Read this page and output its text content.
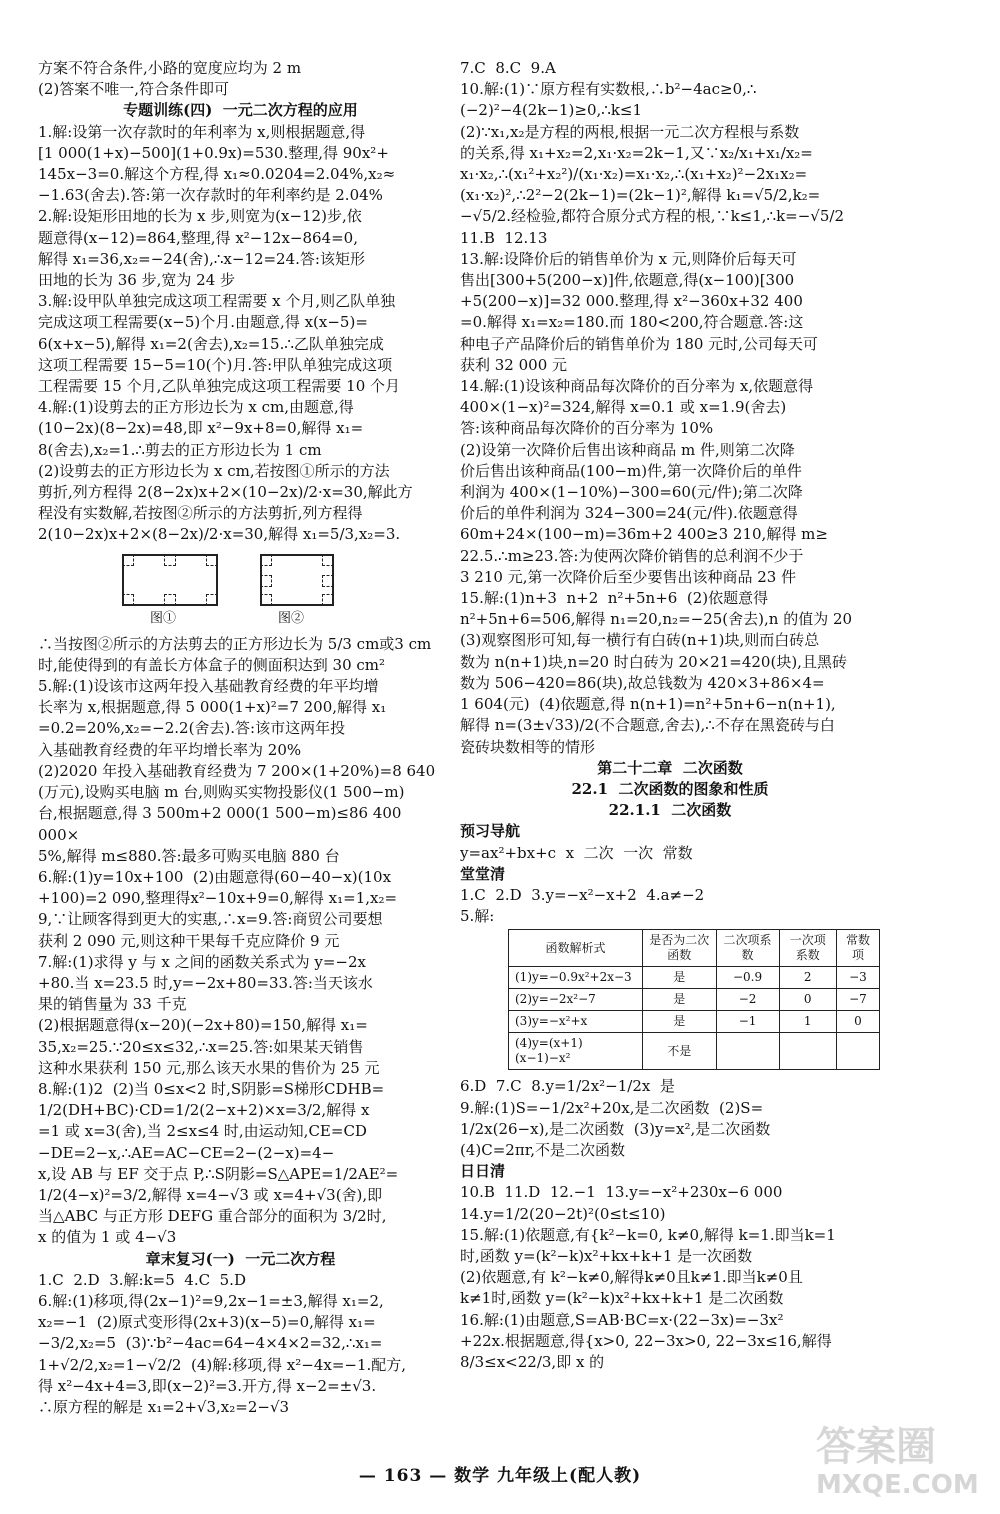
方案不符合条件,小路的宽度应均为 2 m
(2)答案不唯一,符合条件即可
专题训练(四)  一元二次方程的应用
1.解:设第一次存款时的年利率为 x,则根据题意,得
[1 000(1+x)−500](1+0.9x)=530.整理,得 90x²+
145x−3=0.解这个方程,得 x₁≈0.0204=2.04%,x₂≈
−1.63(舍去).答:第一次存款时的年利率约是 2.04%
2.解:设矩形田地的长为 x 步,则宽为(x−12)步,依
题意得(x−12)=864,整理,得 x²−12x−864=0,
解得 x₁=36,x₂=−24(舍),∴x−12=24.答:该矩形
田地的长为 36 步,宽为 24 步
3.解:设甲队单独完成这项工程需要 x 个月,则乙队单独
完成这项工程需要(x−5)个月.由题意,得 x(x−5)=
6(x+x−5),解得 x₁=2(舍去),x₂=15.∴乙队单独完成
这项工程需要 15−5=10(个)月.答:甲队单独完成这项
工程需要 15 个月,乙队单独完成这项工程需要 10 个月
4.解:(1)设剪去的正方形边长为 x cm,由题意,得
(10−2x)(8−2x)=48,即 x²−9x+8=0,解得 x₁=
8(舍去),x₂=1.∴剪去的正方形边长为 1 cm
(2)设剪去的正方形边长为 x cm,若按图①所示的方法
剪折,列方程得 2(8−2x)x+2×(10−2x)/2·x=30,解此方
程没有实数解,若按图②所示的方法剪折,列方程得
2(10−2x)x+2×(8−2x)/2·x=30,解得 x₁=5/3,x₂=3.
图①	图②
∴当按图②所示的方法剪去的正方形边长为 5/3 cm或3 cm
时,能使得到的有盖长方体盒子的侧面积达到 30 cm²
5.解:(1)设该市这两年投入基础教育经费的年平均增
长率为 x,根据题意,得 5 000(1+x)²=7 200,解得 x₁
=0.2=20%,x₂=−2.2(舍去).答:该市这两年投
入基础教育经费的年平均增长率为 20%
(2)2020 年投入基础教育经费为 7 200×(1+20%)=8 640
(万元),设购买电脑 m 台,则购买实物投影仪(1 500−m)
台,根据题意,得 3 500m+2 000(1 500−m)≤86 400 000×
5%,解得 m≤880.答:最多可购买电脑 880 台
6.解:(1)y=10x+100  (2)由题意得(60−40−x)(10x
+100)=2 090,整理得x²−10x+9=0,解得 x₁=1,x₂=
9,∵让顾客得到更大的实惠,∴x=9.答:商贸公司要想
获利 2 090 元,则这种干果每千克应降价 9 元
7.解:(1)求得 y 与 x 之间的函数关系式为 y=−2x
+80.当 x=23.5 时,y=−2x+80=33.答:当天该水
果的销售量为 33 千克
(2)根据题意得(x−20)(−2x+80)=150,解得 x₁=
35,x₂=25.∵20≤x≤32,∴x=25.答:如果某天销售
这种水果获利 150 元,那么该天水果的售价为 25 元
8.解:(1)2  (2)当 0≤x<2 时,S阴影=S梯形CDHB=
1/2(DH+BC)·CD=1/2(2−x+2)×x=3/2,解得 x
=1 或 x=3(舍),当 2≤x≤4 时,由运动知,CE=CD
−DE=2−x,∴AE=AC−CE=2−(2−x)=4−
x,设 AB 与 EF 交于点 P,∴S阴影=S△APE=1/2AE²=
1/2(4−x)²=3/2,解得 x=4−√3 或 x=4+√3(舍),即
当△ABC 与正方形 DEFG 重合部分的面积为 3/2时,
x 的值为 1 或 4−√3
章末复习(一)  一元二次方程
1.C  2.D  3.解:k=5  4.C  5.D
6.解:(1)移项,得(2x−1)²=9,2x−1=±3,解得 x₁=2,
x₂=−1  (2)原式变形得(2x+3)(x−5)=0,解得 x₁=
−3/2,x₂=5  (3)∵b²−4ac=64−4×4×2=32,∴x₁=
1+√2/2,x₂=1−√2/2  (4)解:移项,得 x²−4x=−1.配方,
得 x²−4x+4=3,即(x−2)²=3.开方,得 x−2=±√3.
∴原方程的解是 x₁=2+√3,x₂=2−√3
7.C  8.C  9.A
10.解:(1)∵原方程有实数根,∴b²−4ac≥0,∴
(−2)²−4(2k−1)≥0,∴k≤1
(2)∵x₁,x₂是方程的两根,根据一元二次方程根与系数
的关系,得 x₁+x₂=2,x₁·x₂=2k−1,又∵x₂/x₁+x₁/x₂=
x₁·x₂,∴(x₁²+x₂²)/(x₁·x₂)=x₁·x₂,∴(x₁+x₂)²−2x₁x₂=
(x₁·x₂)²,∴2²−2(2k−1)=(2k−1)²,解得 k₁=√5/2,k₂=
−√5/2.经检验,都符合原分式方程的根,∵k≤1,∴k=−√5/2
11.B  12.13
13.解:设降价后的销售单价为 x 元,则降价后每天可
售出[300+5(200−x)]件,依题意,得(x−100)[300
+5(200−x)]=32 000.整理,得 x²−360x+32 400
=0.解得 x₁=x₂=180.而 180<200,符合题意.答:这
种电子产品降价后的销售单价为 180 元时,公司每天可
获利 32 000 元
14.解:(1)设该种商品每次降价的百分率为 x,依题意得
400×(1−x)²=324,解得 x=0.1 或 x=1.9(舍去)
答:该种商品每次降价的百分率为 10%
(2)设第一次降价后售出该种商品 m 件,则第二次降
价后售出该种商品(100−m)件,第一次降价后的单件
利润为 400×(1−10%)−300=60(元/件);第二次降
价后的单件利润为 324−300=24(元/件).依题意得
60m+24×(100−m)=36m+2 400≥3 210,解得 m≥
22.5.∴m≥23.答:为使两次降价销售的总利润不少于
3 210 元,第一次降价后至少要售出该种商品 23 件
15.解:(1)n+3  n+2  n²+5n+6  (2)依题意得
n²+5n+6=506,解得 n₁=20,n₂=−25(舍去),n 的值为 20
(3)观察图形可知,每一横行有白砖(n+1)块,则而白砖总
数为 n(n+1)块,n=20 时白砖为 20×21=420(块),且黑砖
数为 506−420=86(块),故总钱数为 420×3+86×4=
1 604(元)  (4)依题意,得 n(n+1)=n²+5n+6−n(n+1),
解得 n=(3±√33)/2(不合题意,舍去),∴不存在黑瓷砖与白
瓷砖块数相等的情形
第二十二章  二次函数
22.1  二次函数的图象和性质
22.1.1  二次函数
预习导航
y=ax²+bx+c  x  二次  一次  常数
堂堂清
1.C  2.D  3.y=−x²−x+2  4.a≠−2
5.解:
函数解析式	是否为二次函数	二次项系数	一次项系数	常数项
(1)y=−0.9x²+2x−3	是	−0.9	2	−3
(2)y=−2x²−7	是	−2	0	−7
(3)y=−x²+x	是	−1	1	0
(4)y=(x+1)(x−1)−x²	不是			
6.D  7.C  8.y=1/2x²−1/2x  是
9.解:(1)S=−1/2x²+20x,是二次函数  (2)S=
1/2x(26−x),是二次函数  (3)y=x²,是二次函数
(4)C=2πr,不是二次函数
日日清
10.B  11.D  12.−1  13.y=−x²+230x−6 000
14.y=1/2(20−2t)²(0≤t≤10)
15.解:(1)依题意,有{k²−k=0, k≠0,解得 k=1.即当k=1
时,函数 y=(k²−k)x²+kx+k+1 是一次函数
(2)依题意,有 k²−k≠0,解得k≠0且k≠1.即当k≠0且
k≠1时,函数 y=(k²−k)x²+kx+k+1 是二次函数
16.解:(1)由题意,S=AB·BC=x·(22−3x)=−3x²
+22x.根据题意,得{x>0, 22−3x>0, 22−3x≤16,解得 8/3≤x<22/3,即 x 的
— 163 — 数学 九年级上(配人教)
答案圈
MXQE.COM
